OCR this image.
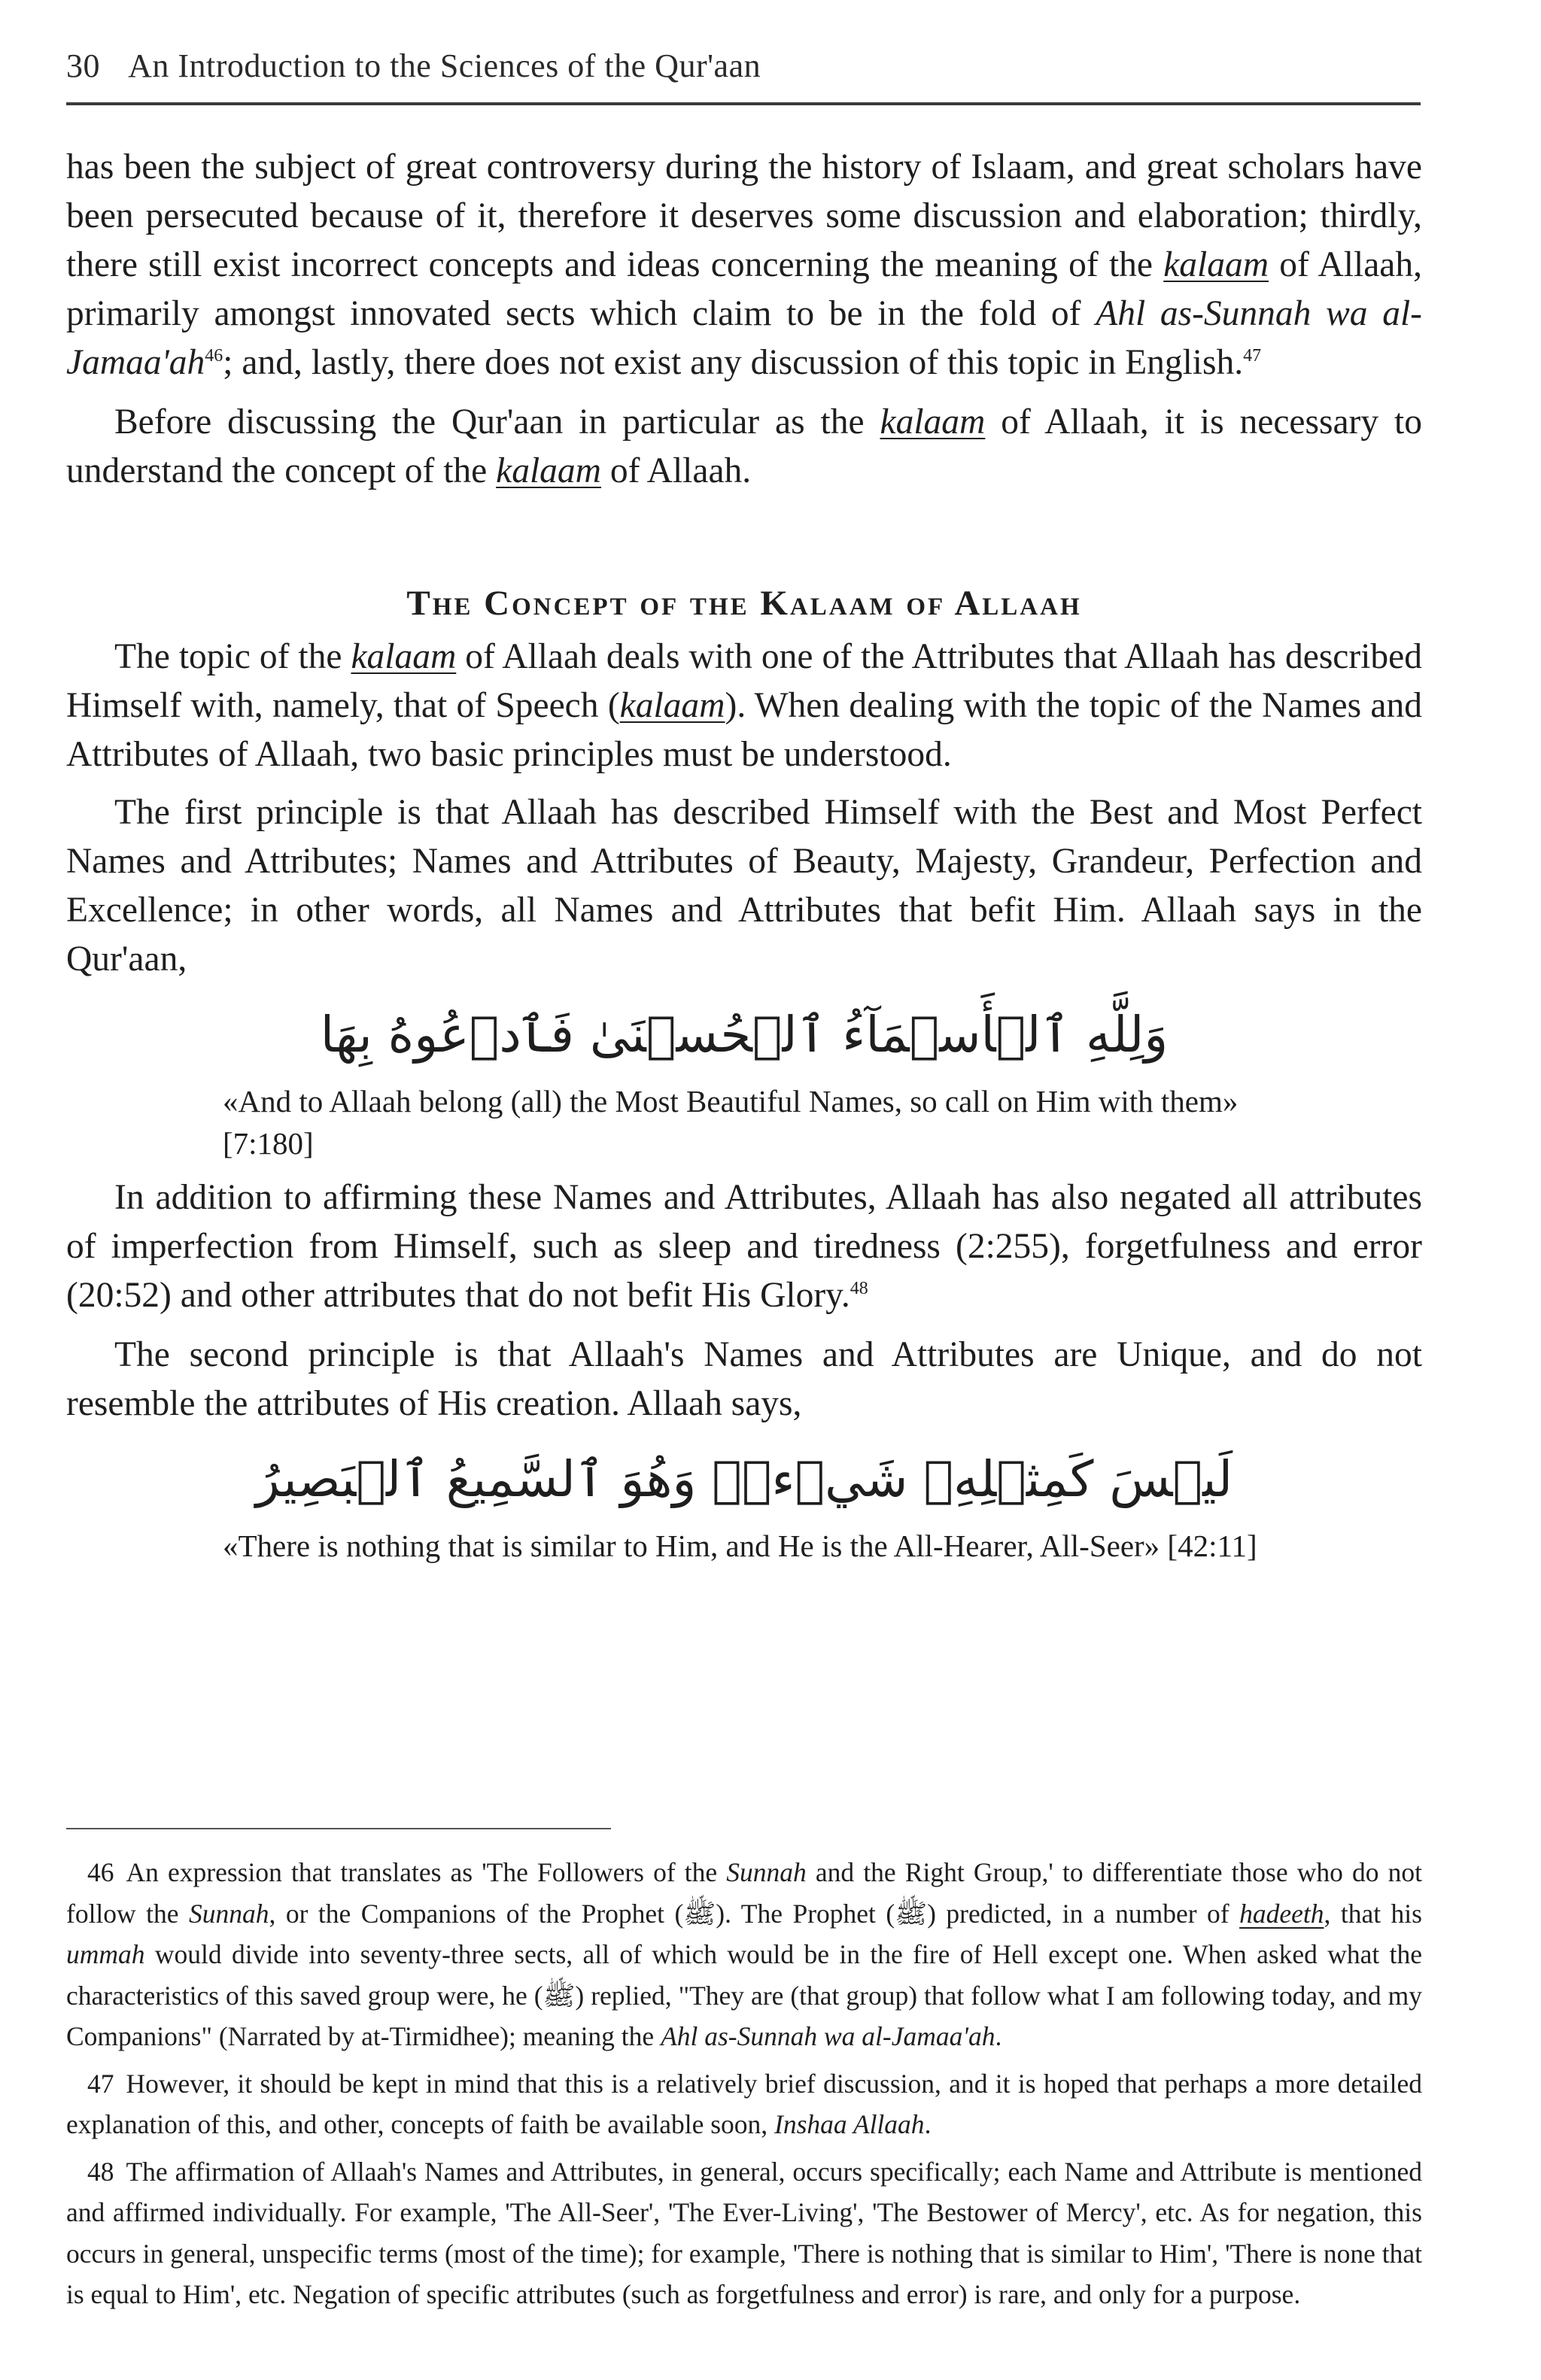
30 An Introduction to the Sciences of the Qur'aan

has been the subject of great controversy during the history of Islaam, and great scholars have been persecuted because of it, therefore it deserves some discussion and elaboration; thirdly, there still exist incorrect concepts and ideas concerning the meaning of the kalaam of Allaah, primarily amongst innovated sects which claim to be in the fold of Ahl as-Sunnah wa $al-Jamaa'ah^{46}$; and, lastly, there does not exist any discussion of this topic in English.$^{47}$

Before discussing the Qur'aan in particular as the kalaam of Allaah, it is necessary to understand the concept of the kalaam of Allaah.

The Concept of the Kalaam of Allaah

The topic of the kalaam of Allaah deals with one of the Attributes that Allaah has described Himself with, namely, that of Speech (kalaam). When dealing with the topic of the Names and Attributes of Allaah, two basic principles must be understood.

The first principle is that Allaah has described Himself with the Best and Most Perfect Names and Attributes; Names and Attributes of Beauty, Majesty, Grandeur, Perfection and Excellence; in other words, all Names and Attributes that befit Him. Allaah says in the Qur'aan,

وَلِلَّهِ ٱلۡأَسۡمَآءُ ٱلۡحُسۡنَىٰ فَٱدۡعُوهُ بِهَا

«And to Allaah belong (all) the Most Beautiful Names, so call on Him with them» [7:180]

In addition to affirming these Names and Attributes, Allaah has also negated all attributes of imperfection from Himself, such as sleep and tiredness (2:255), forgetfulness and error (20:52) and other attributes that do not befit His Glory.$^{48}$

The second principle is that Allaah's Names and Attributes are Unique, and do not resemble the attributes of His creation. Allaah says,

لَيۡسَ كَمِثۡلِهِۦ شَيۡءٞۖ وَهُوَ ٱلسَّمِيعُ ٱلۡبَصِيرُ

«There is nothing that is similar to Him, and He is the All-Hearer, All-Seer» [42:11]

46 An expression that translates as 'The Followers of the Sunnah and the Right Group,' to differentiate those who do not follow the Sunnah, or the Companions of the Prophet (ﷺ). The Prophet (ﷺ) predicted, in a number of hadeeth, that his ummah would divide into seventy-three sects, all of which would be in the fire of Hell except one. When asked what the characteristics of this saved group were, he (ﷺ) replied, "They are (that group) that follow what I am following today, and my Companions" (Narrated by at-Tirmidhee); meaning the Ahl as-Sunnah wa al-Jamaa'ah.

47 However, it should be kept in mind that this is a relatively brief discussion, and it is hoped that perhaps a more detailed explanation of this, and other, concepts of faith be available soon, Inshaa Allaah.

48 The affirmation of Allaah's Names and Attributes, in general, occurs specifically; each Name and Attribute is mentioned and affirmed individually. For example, 'The All-Seer', 'The Ever-Living', 'The Bestower of Mercy', etc. As for negation, this occurs in general, unspecific terms (most of the time); for example, 'There is nothing that is similar to Him', 'There is none that is equal to Him', etc. Negation of specific attributes (such as forgetfulness and error) is rare, and only for a purpose.
